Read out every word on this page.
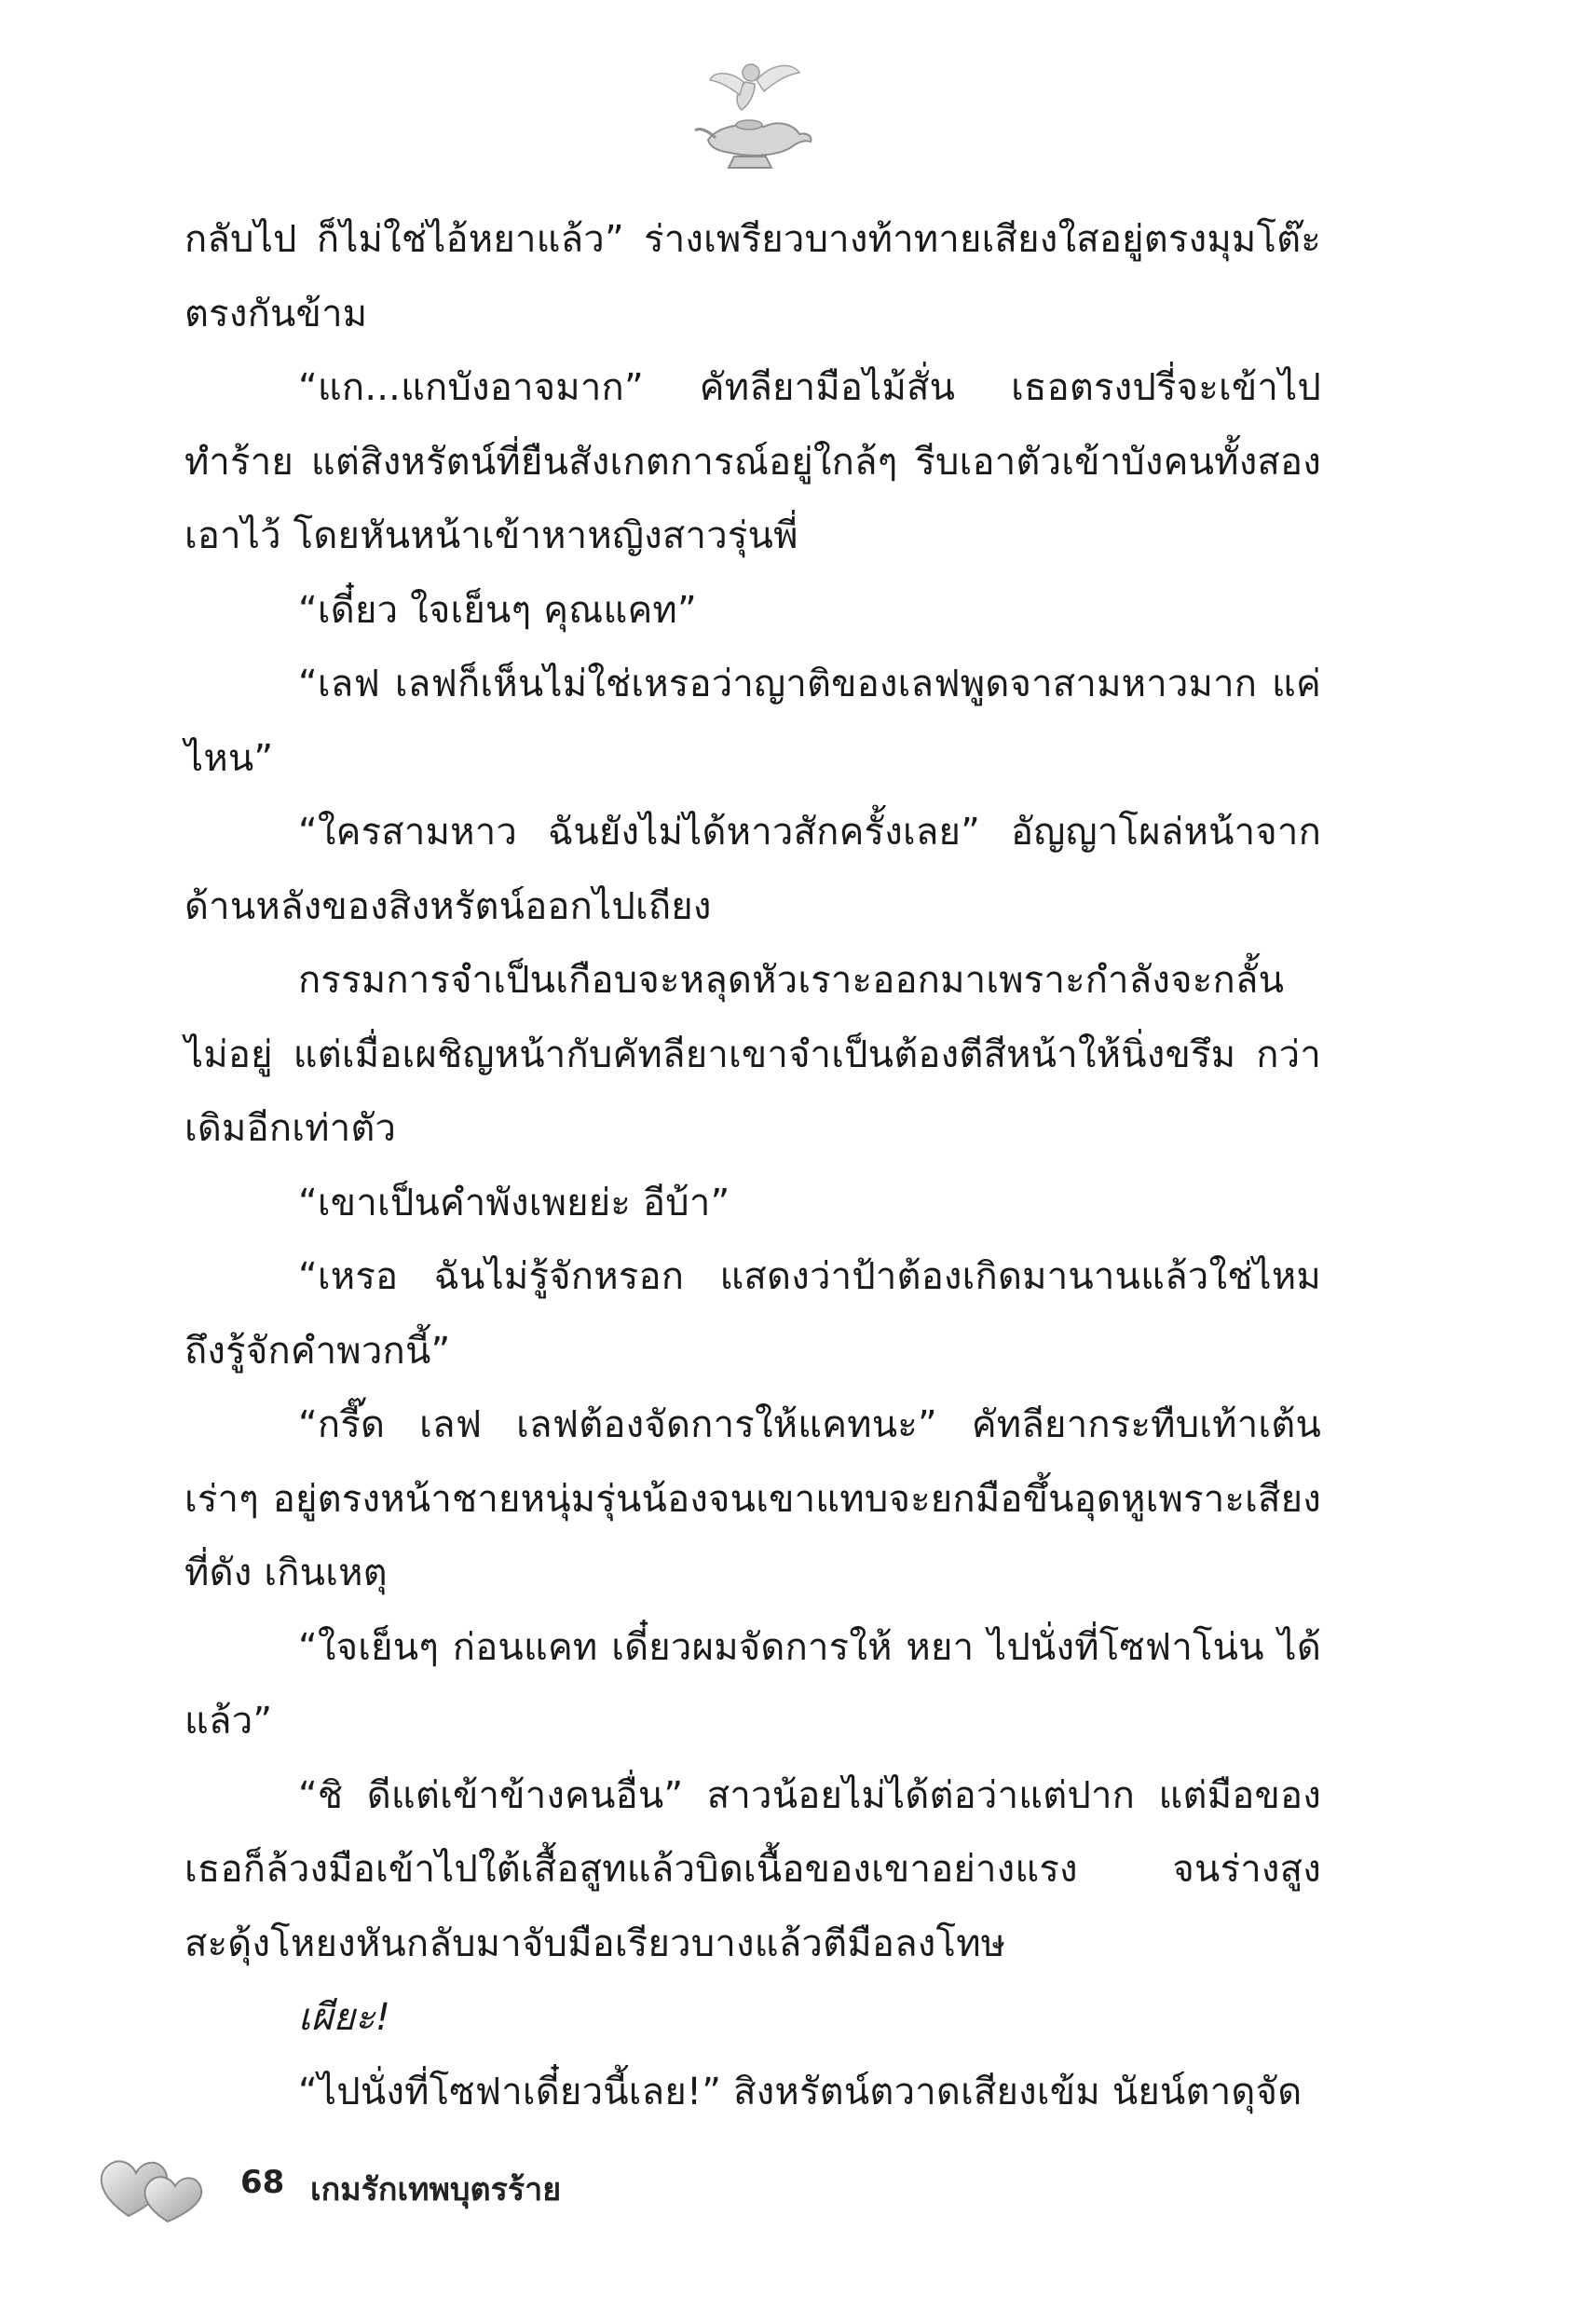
กลับไป ก็ไม่ใช่ไอ้หยาแล้ว” ร่างเพรียวบางท้าทายเสียงใสอยู่ตรงมุมโต๊ะตรงกันข้าม

“แก...แกบังอาจมาก” คัทลียามือไม้สั่น เธอตรงปรี่จะเข้าไปทำร้าย แต่สิงหรัตน์ที่ยืนสังเกตการณ์อยู่ใกล้ๆ รีบเอาตัวเข้าบังคนทั้งสองเอาไว้ โดยหันหน้าเข้าหาหญิงสาวรุ่นพี่

“เดี๋ยว ใจเย็นๆ คุณแคท”

“เลฟ เลฟก็เห็นไม่ใช่เหรอว่าญาติของเลฟพูดจาสามหาวมาก แค่ไหน”

“ใครสามหาว ฉันยังไม่ได้หาวสักครั้งเลย” อัญญาโผล่หน้าจาก ด้านหลังของสิงหรัตน์ออกไปเถียง

กรรมการจำเป็นเกือบจะหลุดหัวเราะออกมาเพราะกำลังจะกลั้น ไม่อยู่ แต่เมื่อเผชิญหน้ากับคัทลียาเขาจำเป็นต้องตีสีหน้าให้นิ่งขรึม กว่าเดิมอีกเท่าตัว

“เขาเป็นคำพังเพยย่ะ อีบ้า”

“เหรอ ฉันไม่รู้จักหรอก แสดงว่าป้าต้องเกิดมานานแล้วใช่ไหม ถึงรู้จักคำพวกนี้”

“กรี๊ด เลฟ เลฟต้องจัดการให้แคทนะ” คัทลียากระทืบเท้าเต้นเร่าๆ อยู่ตรงหน้าชายหนุ่มรุ่นน้องจนเขาแทบจะยกมือขึ้นอุดหูเพราะเสียงที่ดัง เกินเหตุ

“ใจเย็นๆ ก่อนแคท เดี๋ยวผมจัดการให้ หยา ไปนั่งที่โซฟาโน่น ได้แล้ว”

“ชิ ดีแต่เข้าข้างคนอื่น” สาวน้อยไม่ได้ต่อว่าแต่ปาก แต่มือของ เธอก็ล้วงมือเข้าไปใต้เสื้อสูทแล้วบิดเนื้อของเขาอย่างแรง จนร่างสูง สะดุ้งโหยงหันกลับมาจับมือเรียวบางแล้วตีมือลงโทษ

เผียะ!

“ไปนั่งที่โซฟาเดี๋ยวนี้เลย!” สิงหรัตน์ตวาดเสียงเข้ม นัยน์ตาดุจัด

68 เกมรักเทพบุตรร้าย
